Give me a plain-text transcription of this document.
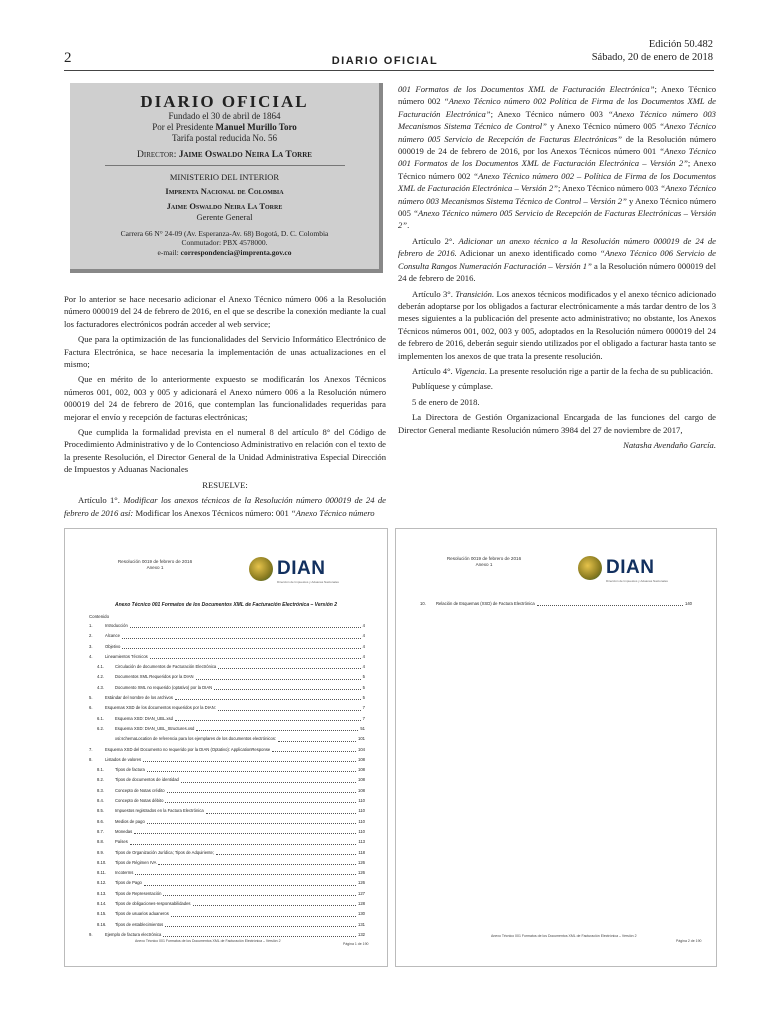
2	DIARIO OFICIAL
Edición 50.482
Sábado, 20 de enero de 2018
DIARIO OFICIAL
Fundado el 30 de abril de 1864
Por el Presidente Manuel Murillo Toro
Tarifa postal reducida No. 56
Director: Jaime Oswaldo Neira La Torre
MINISTERIO DEL INTERIOR
Imprenta Nacional de Colombia
Jaime Oswaldo Neira La Torre
Gerente General
Carrera 66 N° 24-09 (Av. Esperanza-Av. 68) Bogotá, D. C. Colombia
Conmutador: PBX 4578000.
e-mail: correspondencia@imprenta.gov.co

Por lo anterior se hace necesario adicionar el Anexo Técnico número 006 a la Resolución número 000019 del 24 de febrero de 2016, en el que se describe la conexión mediante la cual los facturadores electrónicos podrán acceder al web service;

Que para la optimización de las funcionalidades del Servicio Informático Electrónico de Factura Electrónica, se hace necesaria la implementación de unas actualizaciones en el mismo;

Que en mérito de lo anteriormente expuesto se modificarán los Anexos Técnicos números 001, 002, 003 y 005 y adicionará el Anexo número 006 a la Resolución número 000019 del 24 de febrero de 2016, que contemplan las funcionalidades requeridas para mejorar el envío y recepción de facturas electrónicas;

Que cumplida la formalidad prevista en el numeral 8 del artículo 8° del Código de Procedimiento Administrativo y de lo Contencioso Administrativo en relación con el texto de la presente Resolución, el Director General de la Unidad Administrativa Especial Dirección de Impuestos y Aduanas Nacionales

RESUELVE:

Artículo 1°. Modificar los anexos técnicos de la Resolución número 000019 de 24 de febrero de 2016 así: Modificar los Anexos Técnicos número: 001 “Anexo Técnico número

001 Formatos de los Documentos XML de Facturación Electrónica”; Anexo Técnico número 002 “Anexo Técnico número 002 Política de Firma de los Documentos XML de Facturación Electrónica”; Anexo Técnico número 003 “Anexo Técnico número 003 Mecanismos Sistema Técnico de Control” y Anexo Técnico número 005 “Anexo Técnico número 005 Servicio de Recepción de Facturas Electrónicas” de la Resolución número 000019 de 24 de febrero de 2016, por los Anexos Técnicos número 001 “Anexo Técnico 001 Formatos de los Documentos XML de Facturación Electrónica – Versión 2”; Anexo Técnico número 002 “Anexo Técnico número 002 – Política de Firma de los Documentos XML de Facturación Electrónica – Versión 2”; Anexo Técnico número 003 “Anexo Técnico número 003 Mecanismos Sistema Técnico de Control – Versión 2” y Anexo Técnico número 005 “Anexo Técnico número 005 Servicio de Recepción de Facturas Electrónicas – Versión 2”.

Artículo 2°. Adicionar un anexo técnico a la Resolución número 000019 de 24 de febrero de 2016. Adicionar un anexo identificado como “Anexo Técnico 006 Servicio de Consulta Rangos Numeración Facturación – Versión 1” a la Resolución número 000019 del 24 de febrero de 2016.

Artículo 3°. Transición. Los anexos técnicos modificados y el anexo técnico adicionado deberán adoptarse por los obligados a facturar electrónicamente a más tardar dentro de los 3 meses siguientes a la publicación del presente acto administrativo; no obstante, los Anexos Técnicos números 001, 002, 003 y 005, adoptados en la Resolución número 000019 del 24 de febrero de 2016, deberán seguir siendo utilizados por el obligado a facturar hasta tanto se implementen los anexos de que trata la presente resolución.

Artículo 4°. Vigencia. La presente resolución rige a partir de la fecha de su publicación.

Publíquese y cúmplase.

5 de enero de 2018.

La Directora de Gestión Organizacional Encargada de las funciones del cargo de Director General mediante Resolución número 3984 del 27 de noviembre de 2017,

Natasha Avendaño García.

Resolución 0019 de febrero de 2016
Anexo 1	DIAN
Dirección de Impuestos y Aduanas Nacionales
Anexo Técnico 001 Formatos de los Documentos XML de Facturación Electrónica – Versión 2
Contenido
1.	Introducción	4
2.	Alcance	4
3.	Objetivo	4
4.	Lineamientos Técnicos	4
4.1.	Circulación de documentos de Facturación Electrónica	4
4.2.	Documentos XML Requeridos por la DIAN	5
4.3.	Documento XML no requerido (optativo) por la DIAN	5
5.	Estándar del nombre de los archivos	5
6.	Esquemas XSD de los documentos requeridos por la DIAN:	7
6.1.	Esquema XSD: DIAN_UBL.xsd	7
6.2.	Esquema XSD: DIAN_UBL_Structures.xsd	51
xsi:schemaLocation de referencia para los ejemplares de los documentos electrónicos:	101
7.	Esquema XSD del Documento no requerido por la DIAN (Optativo): ApplicationResponse	104
8.	Listados de valores	108
8.1.	Tipos de factura	108
8.2.	Tipos de documentos de identidad	108
8.3.	Concepto de Notas crédito	108
8.4.	Concepto de Notas débito	110
8.5.	Impuestos registrados en la Factura Electrónica	110
8.6.	Medios de pago	110
8.7.	Monedas	110
8.8.	Países	113
8.9.	Tipos de Organización Jurídica; Tipos de Adquiriente;	118
8.10.	Tipos de Régimen IVA	126
8.11.	Incoterms	126
8.12.	Tipos de Pago	126
8.13.	Tipos de Representación	127
8.14.	Tipos de obligaciones-responsabilidades	128
8.15.	Tipos de usuarios aduaneros	130
8.16.	Tipos de establecimientos	131
9.	Ejemplo de factura electrónica	132
Anexo Técnico 001 Formatos de los Documentos XML de Facturación Electrónica – Versión 2
Página 1 de 190
Resolución 0019 de febrero de 2016
Anexo 1	DIAN
Dirección de Impuestos y Aduanas Nacionales
10.	Relación de Esquemas (XSD) de Factura Electrónica	140
Anexo Técnico 001 Formatos de los Documentos XML de Facturación Electrónica – Versión 2
Página 2 de 190
